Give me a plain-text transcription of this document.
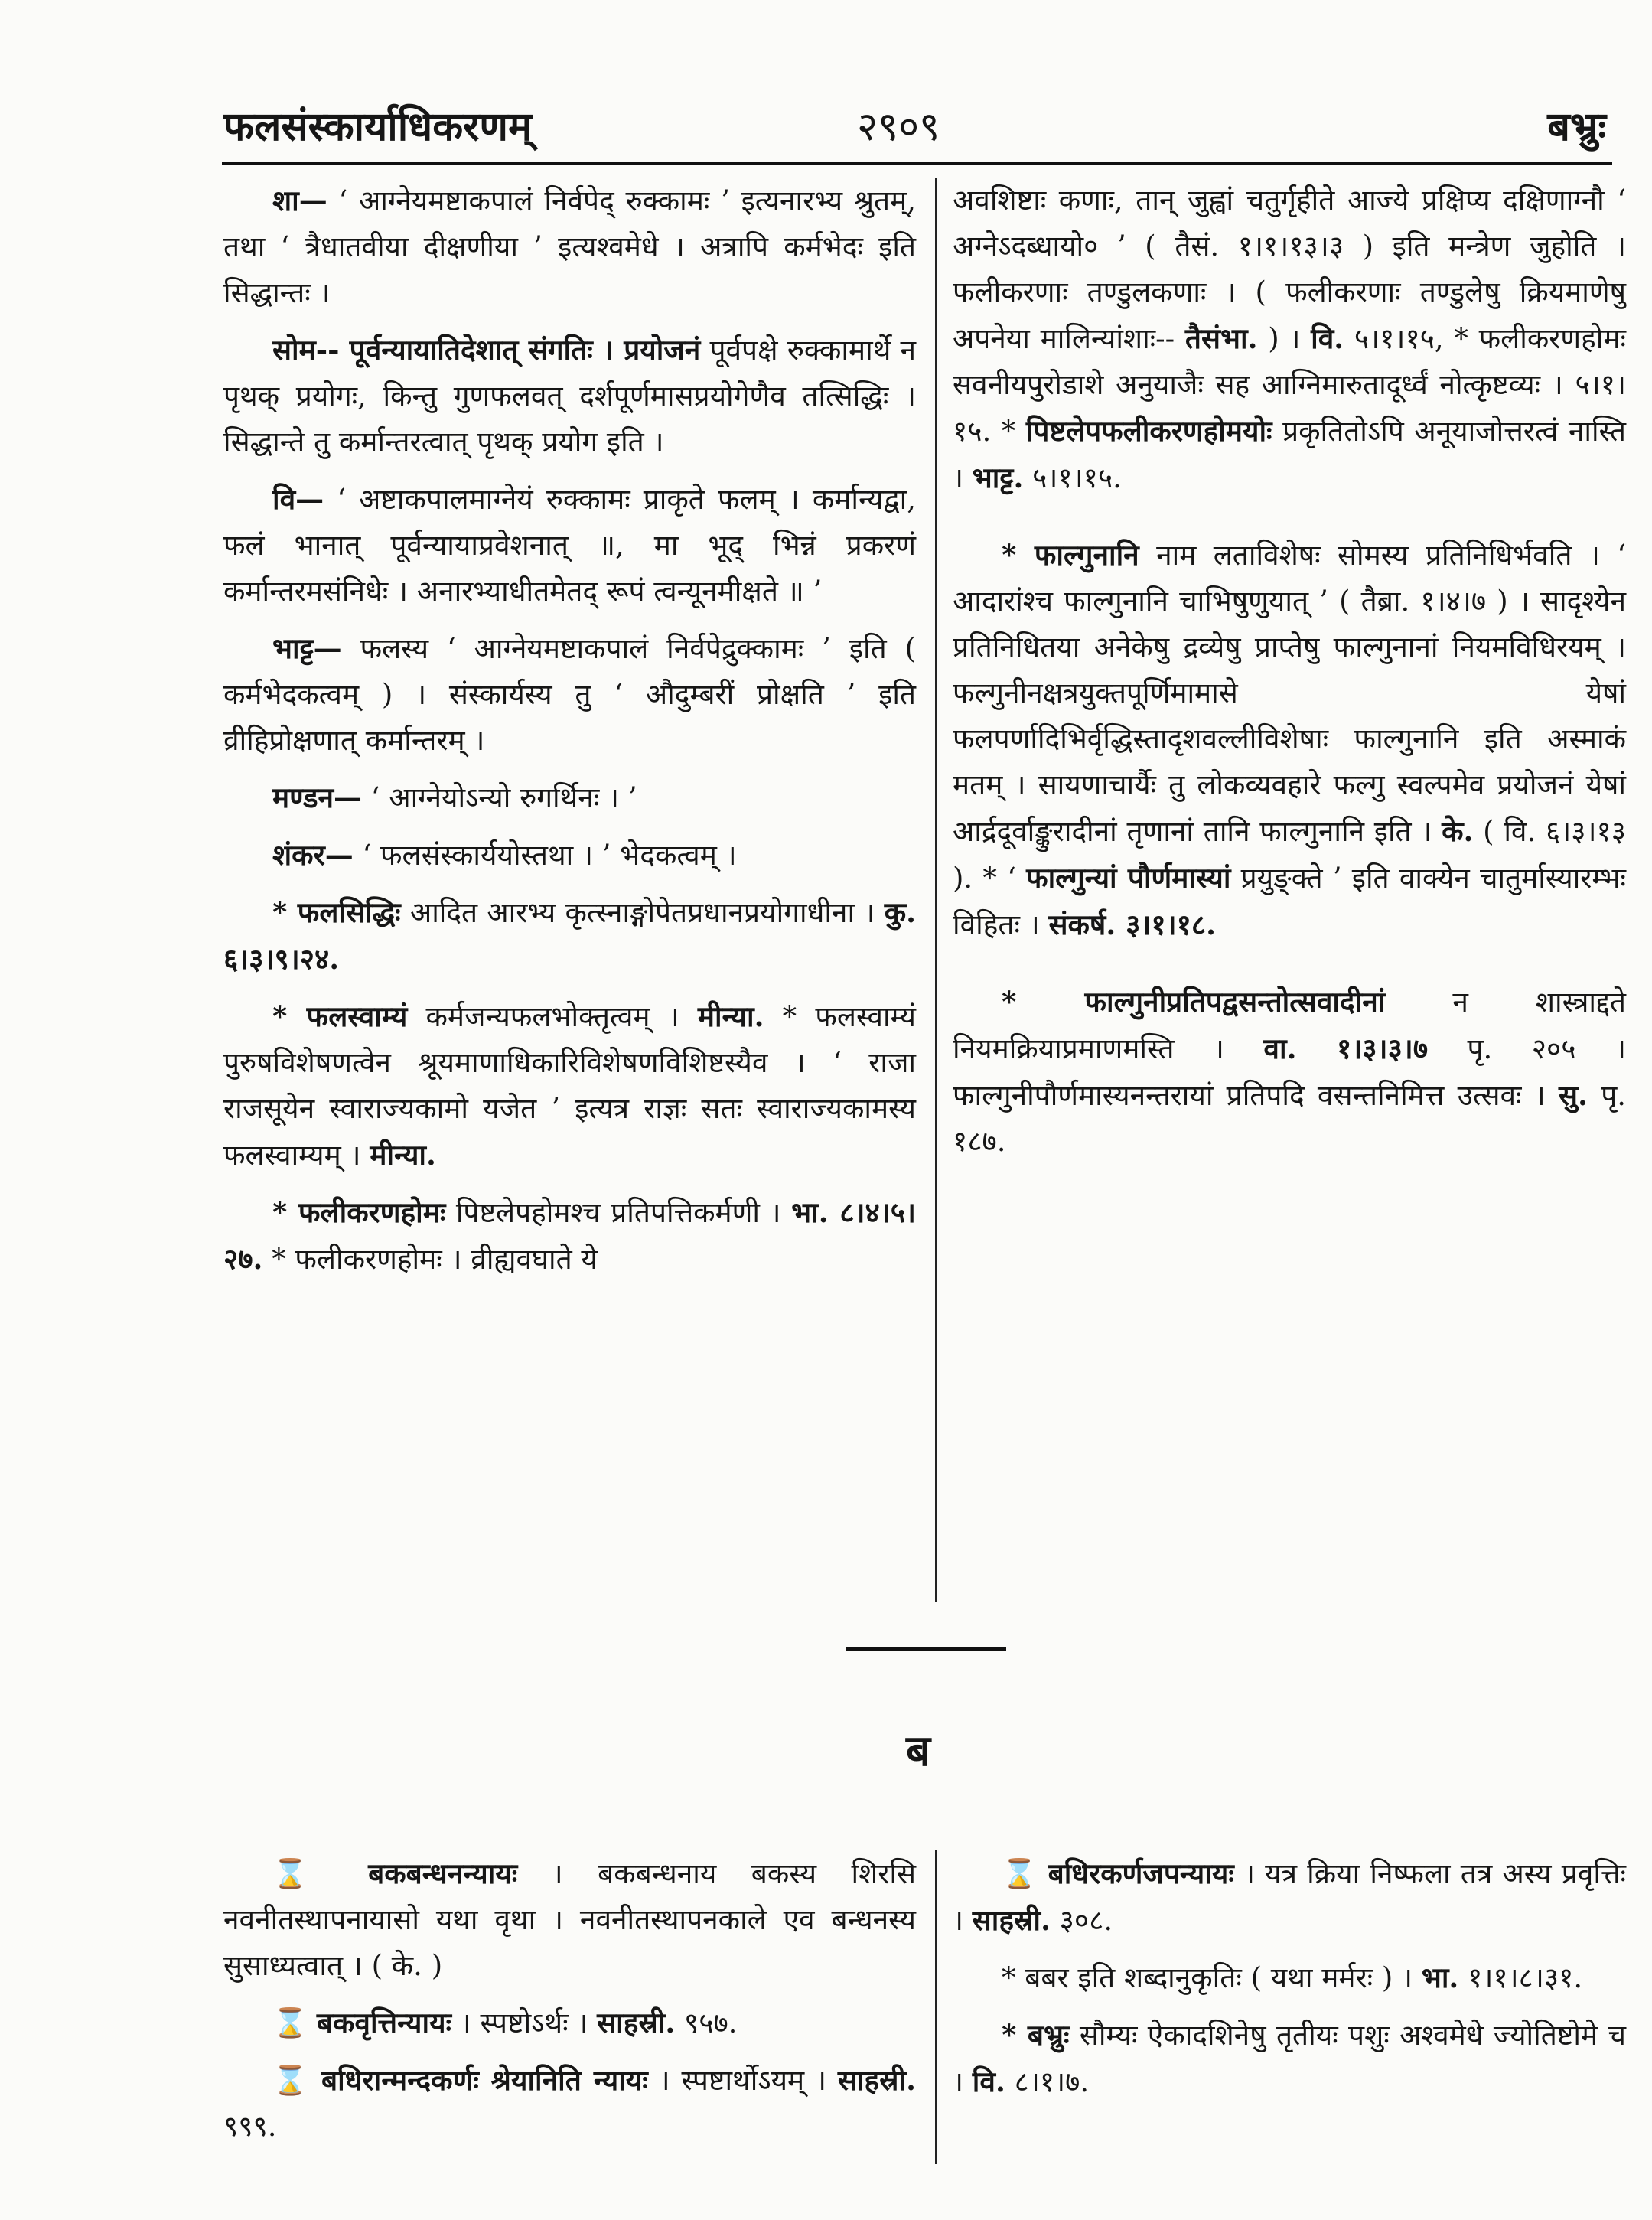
फलसंस्कार्याधिकरणम्	२९०९	बभ्रुः

शा— ‘ आग्नेयमष्टाकपालं निर्वपेद् रुक्कामः ’ इत्यनारभ्य श्रुतम्, तथा ‘ त्रैधातवीया दीक्षणीया ’ इत्यश्वमेधे । अत्रापि कर्मभेदः इति सिद्धान्तः ।

सोम-- पूर्वन्यायातिदेशात् संगतिः । प्रयोजनं पूर्वपक्षे रुक्कामार्थे न पृथक् प्रयोगः, किन्तु गुणफलवत् दर्शपूर्णमासप्रयोगेणैव तत्सिद्धिः । सिद्धान्ते तु कर्मान्तरत्वात् पृथक् प्रयोग इति ।

वि— ‘ अष्टाकपालमाग्नेयं रुक्कामः प्राकृते फलम् । कर्मान्यद्वा, फलं भानात् पूर्वन्यायाप्रवेशनात् ॥, मा भूद् भिन्नं प्रकरणं कर्मान्तरमसंनिधेः । अनारभ्याधीतमेतद् रूपं त्वन्यूनमीक्षते ॥ ’

भाट्ट— फलस्य ‘ आग्नेयमष्टाकपालं निर्वपेद्रुक्कामः ’ इति ( कर्मभेदकत्वम् ) । संस्कार्यस्य तु ‘ औदुम्बरीं प्रोक्षति ’ इति व्रीहिप्रोक्षणात् कर्मान्तरम् ।

मण्डन— ‘ आग्नेयोऽन्यो रुगर्थिनः । ’

शंकर— ‘ फलसंस्कार्ययोस्तथा । ’ भेदकत्वम् ।

* फलसिद्धिः आदित आरभ्य कृत्स्नाङ्गोपेतप्रधानप्रयोगाधीना । कु. ६।३।९।२४.

* फलस्वाम्यं कर्मजन्यफलभोक्तृत्वम् । मीन्या. * फलस्वाम्यं पुरुषविशेषणत्वेन श्रूयमाणाधिकारिविशेषणविशिष्टस्यैव । ‘ राजा राजसूयेन स्वाराज्यकामो यजेत ’ इत्यत्र राज्ञः सतः स्वाराज्यकामस्य फलस्वाम्यम् । मीन्या.

* फलीकरणहोमः पिष्टलेपहोमश्च प्रतिपत्तिकर्मणी । भा. ८।४।५।२७. * फलीकरणहोमः । व्रीह्यवघाते ये

अवशिष्टाः कणाः, तान् जुह्वां चतुर्गृहीते आज्ये प्रक्षिप्य दक्षिणाग्नौ ‘ अग्नेऽदब्धायो० ’ ( तैसं. १।१।१३।३ ) इति मन्त्रेण जुहोति । फलीकरणाः तण्डुलकणाः । ( फलीकरणाः तण्डुलेषु क्रियमाणेषु अपनेया मालिन्यांशाः-- तैसंभा. ) । वि. ५।१।१५, * फलीकरणहोमः सवनीयपुरोडाशे अनुयाजैः सह आग्निमारुतादूर्ध्वं नोत्कृष्टव्यः । ५।१।१५. * पिष्टलेपफलीकरणहोमयोः प्रकृतितोऽपि अनूयाजोत्तरत्वं नास्ति । भाट्ट. ५।१।१५.

* फाल्गुनानि नाम लताविशेषः सोमस्य प्रतिनिधिर्भवति । ‘ आदारांश्च फाल्गुनानि चाभिषुणुयात् ’ ( तैब्रा. १।४।७ ) । सादृश्येन प्रतिनिधितया अनेकेषु द्रव्येषु प्राप्तेषु फाल्गुनानां नियमविधिरयम् । फल्गुनीनक्षत्रयुक्तपूर्णिमामासे येषां फलपर्णादिभिर्वृद्धिस्तादृशवल्लीविशेषाः फाल्गुनानि इति अस्माकं मतम् । सायणाचार्यैः तु लोकव्यवहारे फल्गु स्वल्पमेव प्रयोजनं येषां आर्द्रदूर्वाङ्कुरादीनां तृणानां तानि फाल्गुनानि इति । के. ( वि. ६।३।१३ ). * ‘ फाल्गुन्यां पौर्णमास्यां प्रयुङ्क्ते ’ इति वाक्येन चातुर्मास्यारम्भः विहितः । संकर्ष. ३।१।१८.

* फाल्गुनीप्रतिपद्वसन्तोत्सवादीनां न शास्त्राद्दते नियमक्रियाप्रमाणमस्ति । वा. १।३।३।७ पृ. २०५ । फाल्गुनीपौर्णमास्यनन्तरायां प्रतिपदि वसन्तनिमित्त उत्सवः । सु. पृ. १८७.

ब

⌛ बकबन्धनन्यायः । बकबन्धनाय बकस्य शिरसि नवनीतस्थापनायासो यथा वृथा । नवनीतस्थापनकाले एव बन्धनस्य सुसाध्यत्वात् । ( के. )

⌛ बकवृत्तिन्यायः । स्पष्टोऽर्थः । साहस्री. ९५७.

⌛ बधिरान्मन्दकर्णः श्रेयानिति न्यायः । स्पष्टार्थोऽयम् । साहस्री. ९९९.

⌛ बधिरकर्णजपन्यायः । यत्र क्रिया निष्फला तत्र अस्य प्रवृत्तिः । साहस्री. ३०८.

* बबर इति शब्दानुकृतिः ( यथा मर्मरः ) । भा. १।१।८।३१.

* बभ्रुः सौम्यः ऐकादशिनेषु तृतीयः पशुः अश्वमेधे ज्योतिष्टोमे च । वि. ८।१।७.
